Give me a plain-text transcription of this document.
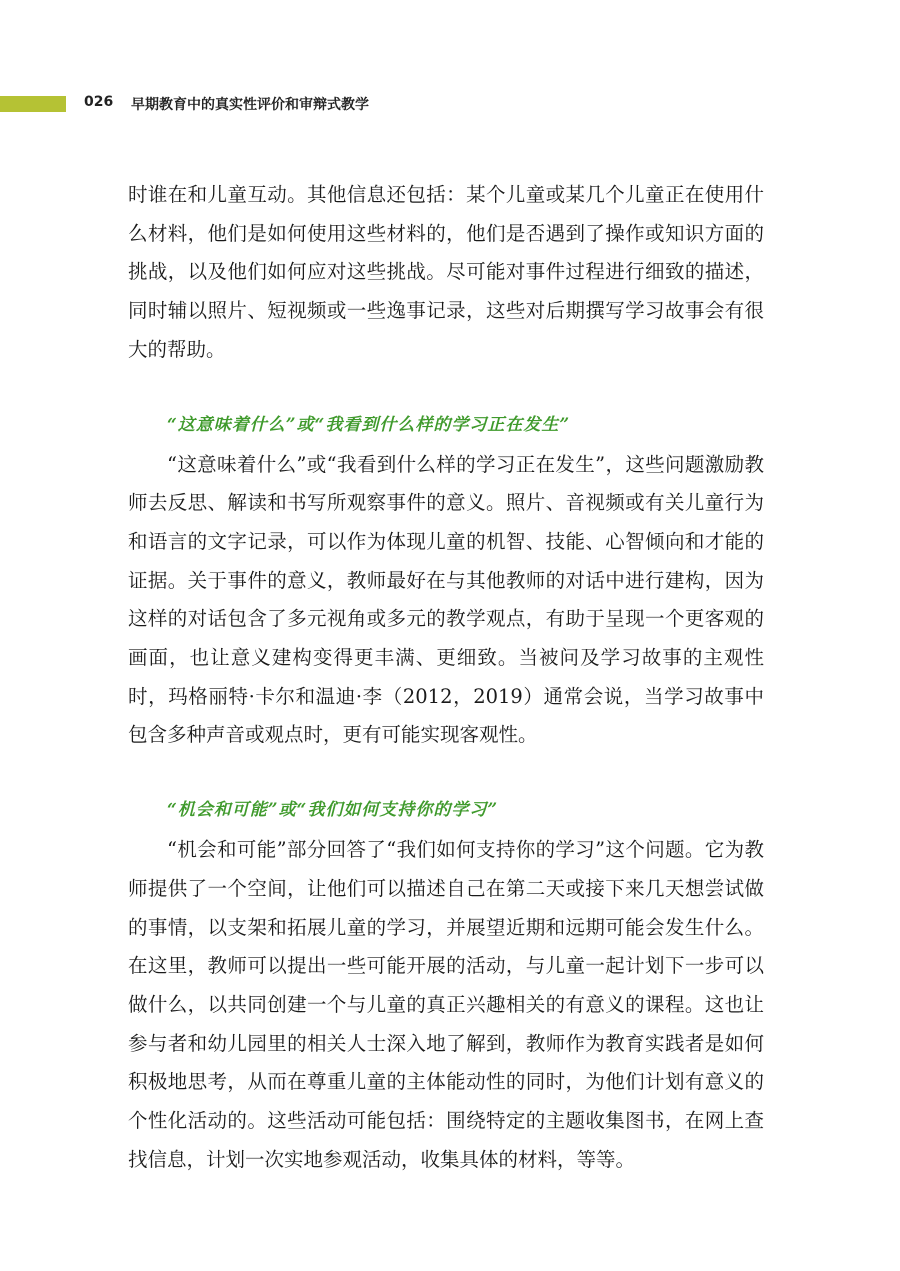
026 早期教育中的真实性评价和审辩式教学

时谁在和儿童互动。其他信息还包括：某个儿童或某几个儿童正在使用什么材料，他们是如何使用这些材料的，他们是否遇到了操作或知识方面的挑战，以及他们如何应对这些挑战。尽可能对事件过程进行细致的描述，同时辅以照片、短视频或一些逸事记录，这些对后期撰写学习故事会有很大的帮助。

“这意味着什么”或“我看到什么样的学习正在发生”

“这意味着什么”或“我看到什么样的学习正在发生”，这些问题激励教师去反思、解读和书写所观察事件的意义。照片、音视频或有关儿童行为和语言的文字记录，可以作为体现儿童的机智、技能、心智倾向和才能的证据。关于事件的意义，教师最好在与其他教师的对话中进行建构，因为这样的对话包含了多元视角或多元的教学观点，有助于呈现一个更客观的画面，也让意义建构变得更丰满、更细致。当被问及学习故事的主观性时，玛格丽特·卡尔和温迪·李（2012，2019）通常会说，当学习故事中包含多种声音或观点时，更有可能实现客观性。

“机会和可能”或“我们如何支持你的学习”

“机会和可能”部分回答了“我们如何支持你的学习”这个问题。它为教师提供了一个空间，让他们可以描述自己在第二天或接下来几天想尝试做的事情，以支架和拓展儿童的学习，并展望近期和远期可能会发生什么。在这里，教师可以提出一些可能开展的活动，与儿童一起计划下一步可以做什么，以共同创建一个与儿童的真正兴趣相关的有意义的课程。这也让参与者和幼儿园里的相关人士深入地了解到，教师作为教育实践者是如何积极地思考，从而在尊重儿童的主体能动性的同时，为他们计划有意义的个性化活动的。这些活动可能包括：围绕特定的主题收集图书，在网上查找信息，计划一次实地参观活动，收集具体的材料，等等。
